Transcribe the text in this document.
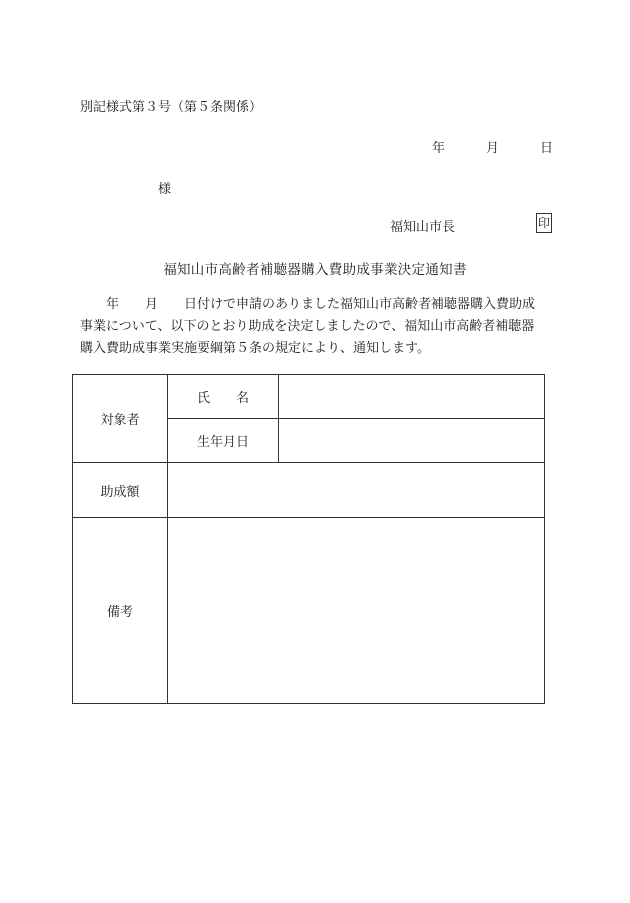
別記様式第３号（第５条関係）
年	月	日
様
福知山市長	印
福知山市高齢者補聴器購入費助成事業決定通知書
年 月 日付けで申請のありました福知山市高齢者補聴器購入費助成
事業について、以下のとおり助成を決定しましたので、福知山市高齢者補聴器
購入費助成事業実施要綱第５条の規定により、通知します。
対象者	氏　　名	
	生年月日	
助成額		
備考		
